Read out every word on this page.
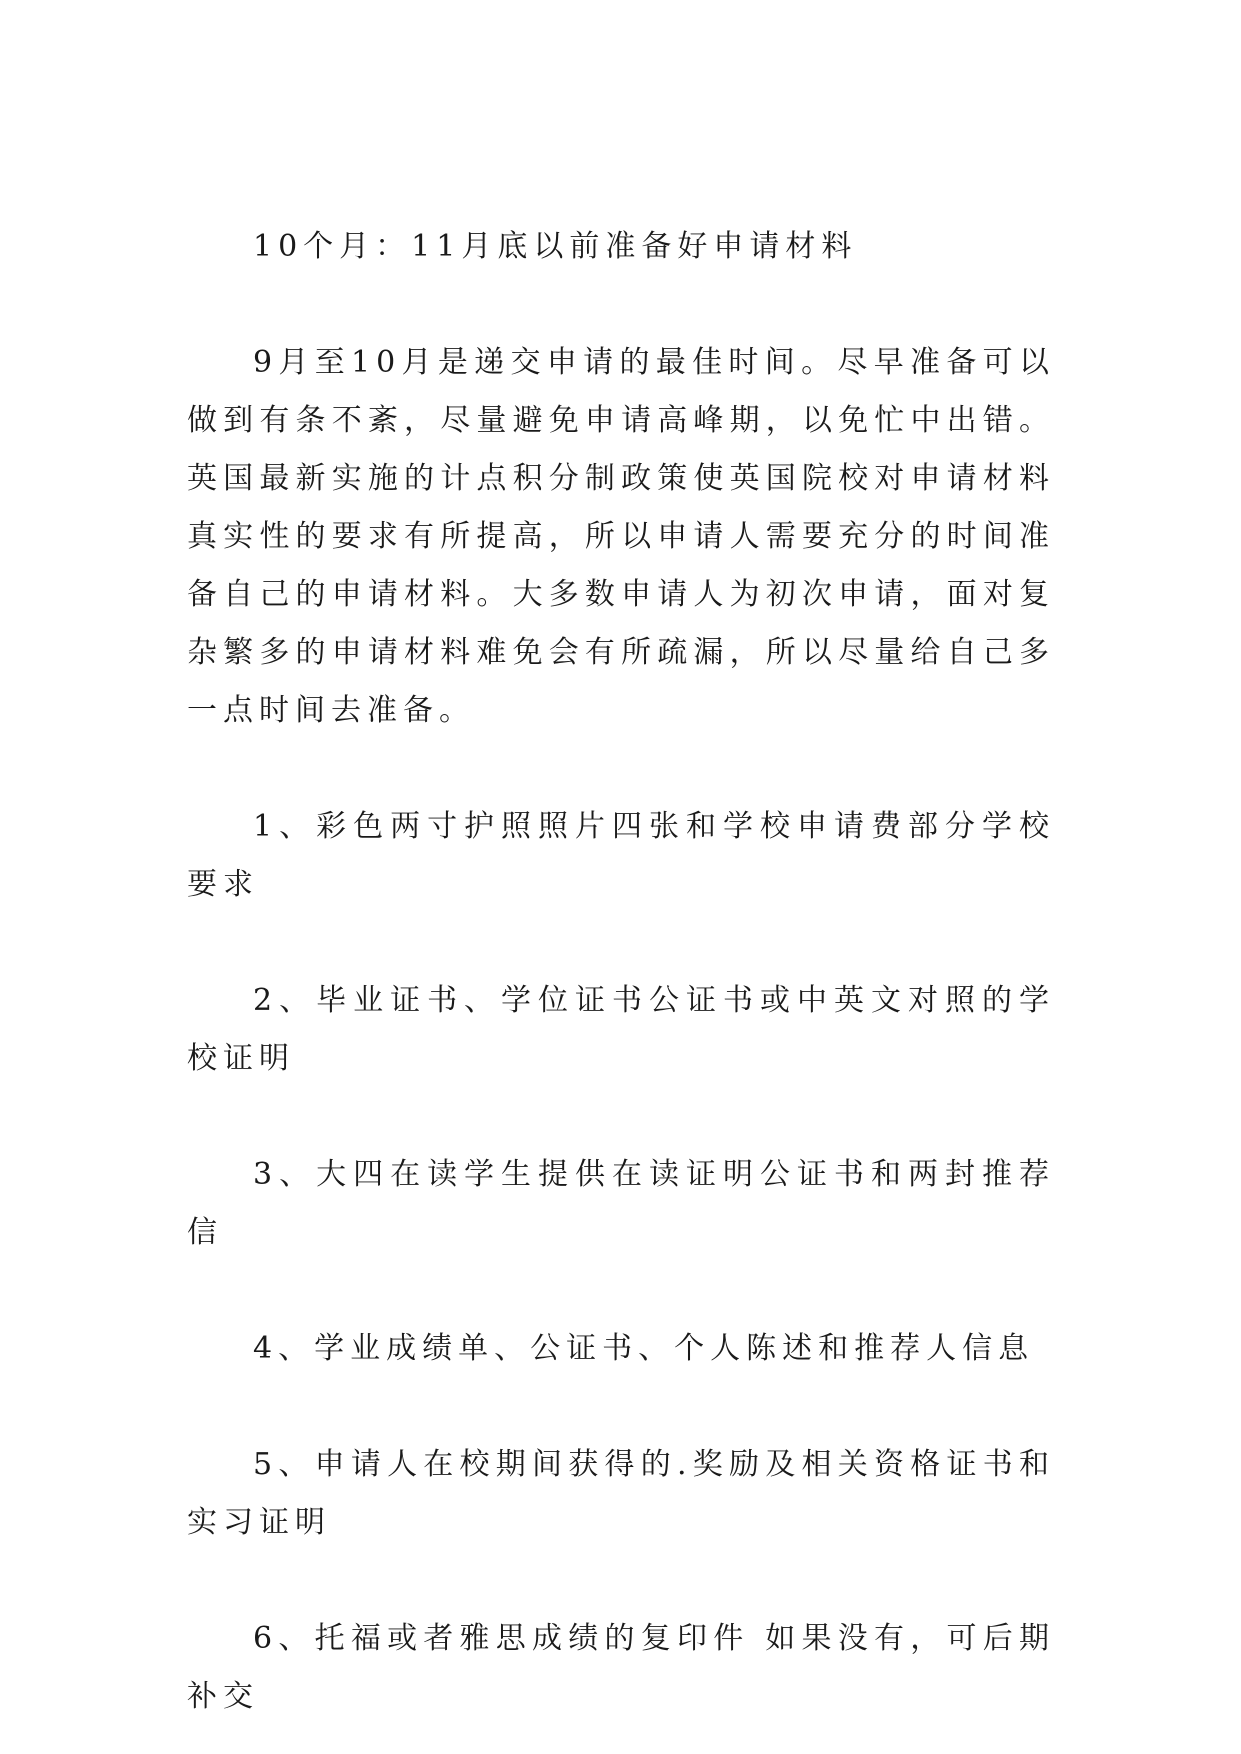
10个月：11月底以前准备好申请材料

9月至10月是递交申请的最佳时间。尽早准备可以做到有条不紊，尽量避免申请高峰期，以免忙中出错。英国最新实施的计点积分制政策使英国院校对申请材料真实性的要求有所提高，所以申请人需要充分的时间准备自己的申请材料。大多数申请人为初次申请，面对复杂繁多的申请材料难免会有所疏漏，所以尽量给自己多一点时间去准备。

1、彩色两寸护照照片四张和学校申请费部分学校要求

2、毕业证书、学位证书公证书或中英文对照的学校证明

3、大四在读学生提供在读证明公证书和两封推荐信

4、学业成绩单、公证书、个人陈述和推荐人信息

5、申请人在校期间获得的.奖励及相关资格证书和实习证明

6、托福或者雅思成绩的复印件 如果没有，可后期补交
